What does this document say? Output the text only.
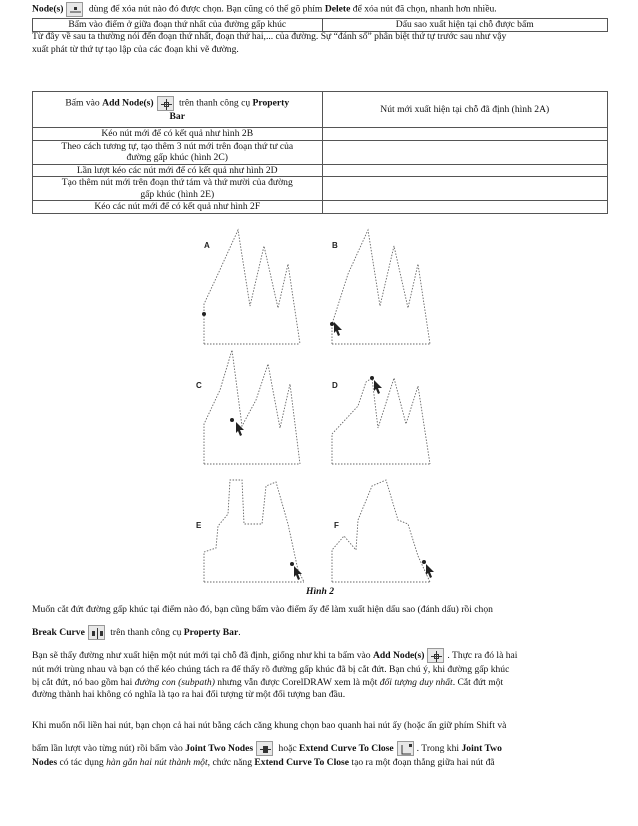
Node(s)
dùng để xóa nút nào đó được chọn. Bạn cũng có thể gõ phím Delete để xóa nút đã chọn, nhanh hơn nhiều.
Bấm vào điểm ở giữa đoạn thứ nhất của đường gấp khúc	Dấu sao xuất hiện tại chỗ được bấm
Từ đây về sau ta thường nói đến đoạn thứ nhất, đoạn thứ hai,... của đường. Sự “đánh số” phân biệt thứ tự trước sau như vậy
xuất phát từ thứ tự tạo lập của các đoạn khi vẽ đường.
Bấm vào Add Node(s)
trên thanh công cụ Property
Bar	Nút mới xuất hiện tại chỗ đã định (hình 2A)
Kéo nút mới để có kết quả như hình 2B	
Theo cách tương tự, tạo thêm 3 nút mới trên đoạn thứ tư của
đường gấp khúc (hình 2C)	
Lần lượt kéo các nút mới để có kết quả như hình 2D	
Tạo thêm nút mới trên đoạn thứ tám và thứ mười của đường
gấp khúc (hình 2E)	
Kéo các nút mới để có kết quả như hình 2F	
A	B
C	D
E	F
Hình 2
Muốn cắt đứt đường gấp khúc tại điểm nào đó, bạn cũng bấm vào điểm ấy để làm xuất hiện dấu sao (đánh dấu) rồi chọn
Break Curve
trên thanh công cụ Property Bar.
Bạn sẽ thấy đường như xuất hiện một nút mới tại chỗ đã định, giống như khi ta bấm vào Add Node(s) . Thực ra đó là hai
nút mới trùng nhau và bạn có thể kéo chúng tách ra để thấy rõ đường gấp khúc đã bị cắt đứt. Bạn chú ý, khi đường gấp khúc
bị cắt đứt, nó bao gồm hai đường con (subpath) nhưng vẫn được CorelDRAW xem là một đối tượng duy nhất. Cắt đứt một
đường thành hai không có nghĩa là tạo ra hai đối tượng từ một đối tượng ban đầu.
Khi muốn nối liền hai nút, bạn chọn cả hai nút bằng cách căng khung chọn bao quanh hai nút ấy (hoặc ấn giữ phím Shift và
bấm lần lượt vào từng nút) rồi bấm vào Joint Two Nodes
hoặc Extend Curve To Close . Trong khi Joint Two
Nodes có tác dụng hàn gắn hai nút thành một, chức năng Extend Curve To Close tạo ra một đoạn thẳng giữa hai nút đã
